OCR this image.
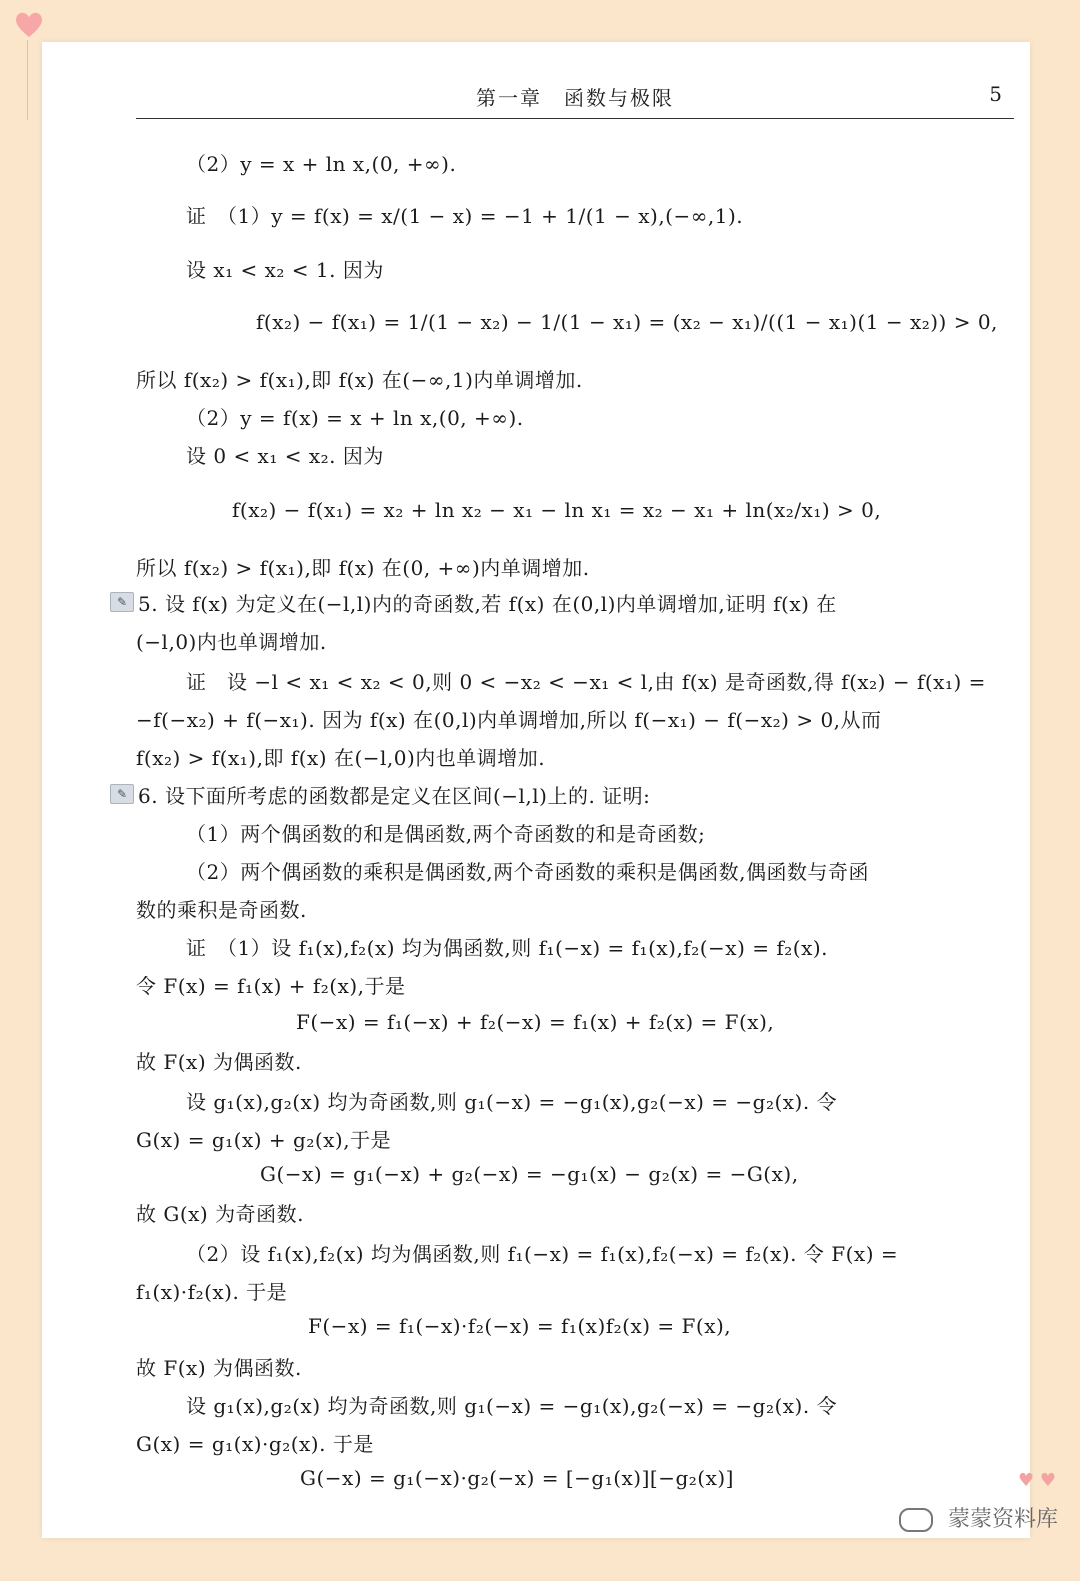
第一章　函数与极限	5
（2）y = x + ln x,(0, +∞).
证　（1）y = f(x) = x/(1 − x) = −1 + 1/(1 − x),(−∞,1).
设 x₁ < x₂ < 1. 因为
f(x₂) − f(x₁) = 1/(1 − x₂) − 1/(1 − x₁) = (x₂ − x₁)/((1 − x₁)(1 − x₂)) > 0,
所以 f(x₂) > f(x₁),即 f(x) 在(−∞,1)内单调增加.
（2）y = f(x) = x + ln x,(0, +∞).
设 0 < x₁ < x₂. 因为
f(x₂) − f(x₁) = x₂ + ln x₂ − x₁ − ln x₁ = x₂ − x₁ + ln(x₂/x₁) > 0,
所以 f(x₂) > f(x₁),即 f(x) 在(0, +∞)内单调增加.
✎ 5. 设 f(x) 为定义在(−l,l)内的奇函数,若 f(x) 在(0,l)内单调增加,证明 f(x) 在
(−l,0)内也单调增加.
证　设 −l < x₁ < x₂ < 0,则 0 < −x₂ < −x₁ < l,由 f(x) 是奇函数,得 f(x₂) − f(x₁) =
−f(−x₂) + f(−x₁). 因为 f(x) 在(0,l)内单调增加,所以 f(−x₁) − f(−x₂) > 0,从而
f(x₂) > f(x₁),即 f(x) 在(−l,0)内也单调增加.
✎ 6. 设下面所考虑的函数都是定义在区间(−l,l)上的. 证明:
（1）两个偶函数的和是偶函数,两个奇函数的和是奇函数;
（2）两个偶函数的乘积是偶函数,两个奇函数的乘积是偶函数,偶函数与奇函
数的乘积是奇函数.
证　（1）设 f₁(x),f₂(x) 均为偶函数,则 f₁(−x) = f₁(x),f₂(−x) = f₂(x).
令 F(x) = f₁(x) + f₂(x),于是
F(−x) = f₁(−x) + f₂(−x) = f₁(x) + f₂(x) = F(x),
故 F(x) 为偶函数.
设 g₁(x),g₂(x) 均为奇函数,则 g₁(−x) = −g₁(x),g₂(−x) = −g₂(x). 令
G(x) = g₁(x) + g₂(x),于是
G(−x) = g₁(−x) + g₂(−x) = −g₁(x) − g₂(x) = −G(x),
故 G(x) 为奇函数.
（2）设 f₁(x),f₂(x) 均为偶函数,则 f₁(−x) = f₁(x),f₂(−x) = f₂(x). 令 F(x) =
f₁(x)·f₂(x). 于是
F(−x) = f₁(−x)·f₂(−x) = f₁(x)f₂(x) = F(x),
故 F(x) 为偶函数.
设 g₁(x),g₂(x) 均为奇函数,则 g₁(−x) = −g₁(x),g₂(−x) = −g₂(x). 令
G(x) = g₁(x)·g₂(x). 于是
G(−x) = g₁(−x)·g₂(−x) = [−g₁(x)][−g₂(x)]	♥ ♥
蒙蒙资料库
